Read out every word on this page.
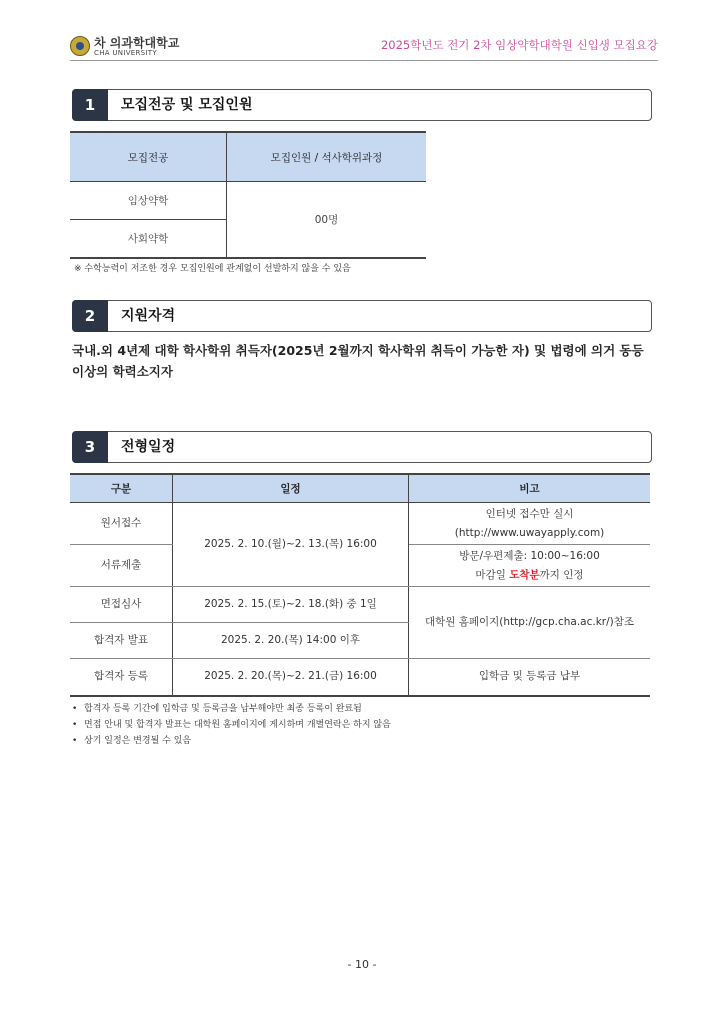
차 의과학대학교
CHA UNIVERSITY
2025학년도 전기 2차 임상약학대학원 신입생 모집요강
1	모집전공 및 모집인원
모집전공	모집인원 / 석사학위과정
임상약학	00명
사회약학	
※ 수학능력이 저조한 경우 모집인원에 관계없이 선발하지 않을 수 있음
2	지원자격
국내.외 4년제 대학 학사학위 취득자(2025년 2월까지 학사학위 취득이 가능한 자) 및 법령에 의거 동등 이상의 학력소지자
3	전형일정
구분	일정	비고
원서접수	2025. 2. 10.(월)~2. 13.(목) 16:00	인터넷 접수만 실시
(http://www.uwayapply.com)

서류제출		방문/우편제출: 10:00~16:00
마감일 도착분까지 인정

면접심사	2025. 2. 15.(토)~2. 18.(화) 중 1일	대학원 홈페이지(http://gcp.cha.ac.kr/)참조
합격자 발표	2025. 2. 20.(목) 14:00 이후	
합격자 등록	2025. 2. 20.(목)~2. 21.(금) 16:00	입학금 및 등록금 납부
• 합격자 등록 기간에 입학금 및 등록금을 납부해야만 최종 등록이 완료됨
• 면접 안내 및 합격자 발표는 대학원 홈페이지에 게시하며 개별연락은 하지 않음
• 상기 일정은 변경될 수 있음
- 10 -
